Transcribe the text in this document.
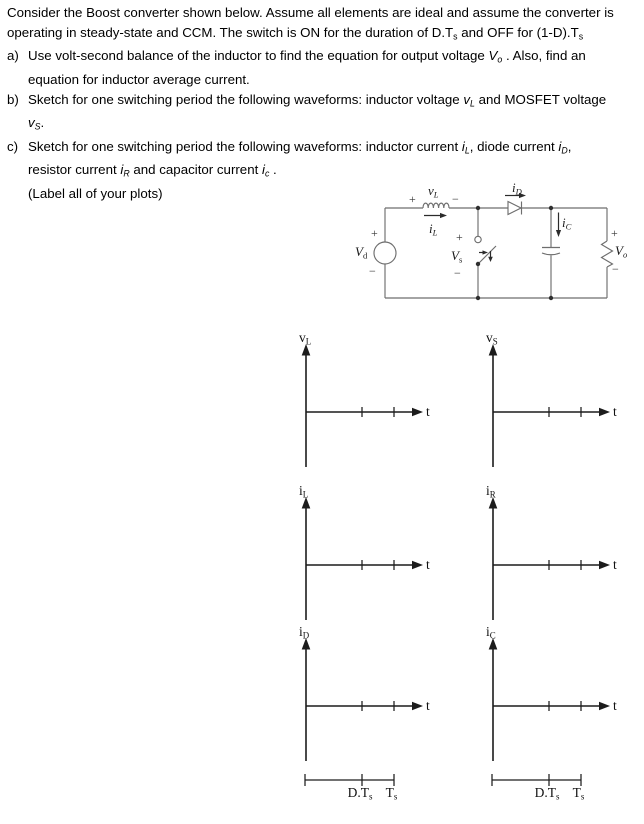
Consider the Boost converter shown below. Assume all elements are ideal and assume the converter is
operating in steady-state and CCM. The switch is ON for the duration of $D.T_s$ and OFF for $(1-D).T_s$
a) Use volt-second balance of the inductor to find the equation for output voltage $V_o$ . Also, find an
equation for inductor average current.
b) Sketch for one switching period the following waveforms: inductor voltage $v_L$ and MOSFET voltage
$v_S$.
c) Sketch for one switching period the following waveforms: inductor current $i_L$, diode current $i_D$,
resistor current $i_R$ and capacitor current $i_c$ .
(Label all of your plots)
$V_d$
+
−
+
$v_L$ −
$i_L$
$i_D$
+
$V_s$
−
$i_C$	+
$V_o$
−
$v_L$
t
$v_S$
t
$i_L$
t
$i_R$
t
$i_D$
t
$i_C$
t
$D.T_s$ $T_s$	$D.T_s$ $T_s$
